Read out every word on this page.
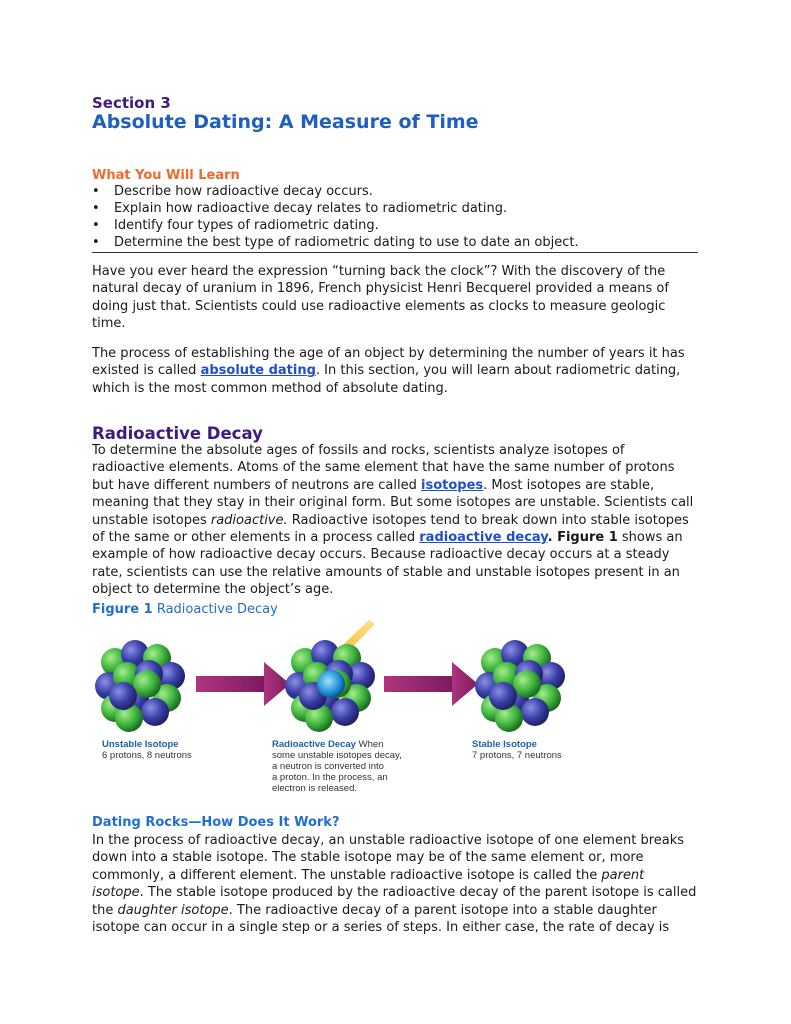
Section 3
Absolute Dating: A Measure of Time
What You Will Learn
• Describe how radioactive decay occurs.
• Explain how radioactive decay relates to radiometric dating.
• Identify four types of radiometric dating.
• Determine the best type of radiometric dating to use to date an object.

Have you ever heard the expression “turning back the clock”? With the discovery of the natural decay of uranium in 1896, French physicist Henri Becquerel provided a means of doing just that. Scientists could use radioactive elements as clocks to measure geologic time.

The process of establishing the age of an object by determining the number of years it has existed is called absolute dating. In this section, you will learn about radiometric dating, which is the most common method of absolute dating.

Radioactive Decay

To determine the absolute ages of fossils and rocks, scientists analyze isotopes of radioactive elements. Atoms of the same element that have the same number of protons but have different numbers of neutrons are called isotopes. Most isotopes are stable, meaning that they stay in their original form. But some isotopes are unstable. Scientists call unstable isotopes radioactive. Radioactive isotopes tend to break down into stable isotopes of the same or other elements in a process called radioactive decay. Figure 1 shows an example of how radioactive decay occurs. Because radioactive decay occurs at a steady rate, scientists can use the relative amounts of stable and unstable isotopes present in an object to determine the object’s age.

Figure 1 Radioactive Decay

Unstable Isotope
6 protons, 8 neutrons
Radioactive Decay When
some unstable isotopes decay,
a neutron is converted into
a proton. In the process, an
electron is released.
Stable Isotope
7 protons, 7 neutrons
Dating Rocks—How Does It Work?

In the process of radioactive decay, an unstable radioactive isotope of one element breaks down into a stable isotope. The stable isotope may be of the same element or, more commonly, a different element. The unstable radioactive isotope is called the parent isotope. The stable isotope produced by the radioactive decay of the parent isotope is called the daughter isotope. The radioactive decay of a parent isotope into a stable daughter isotope can occur in a single step or a series of steps. In either case, the rate of decay is
